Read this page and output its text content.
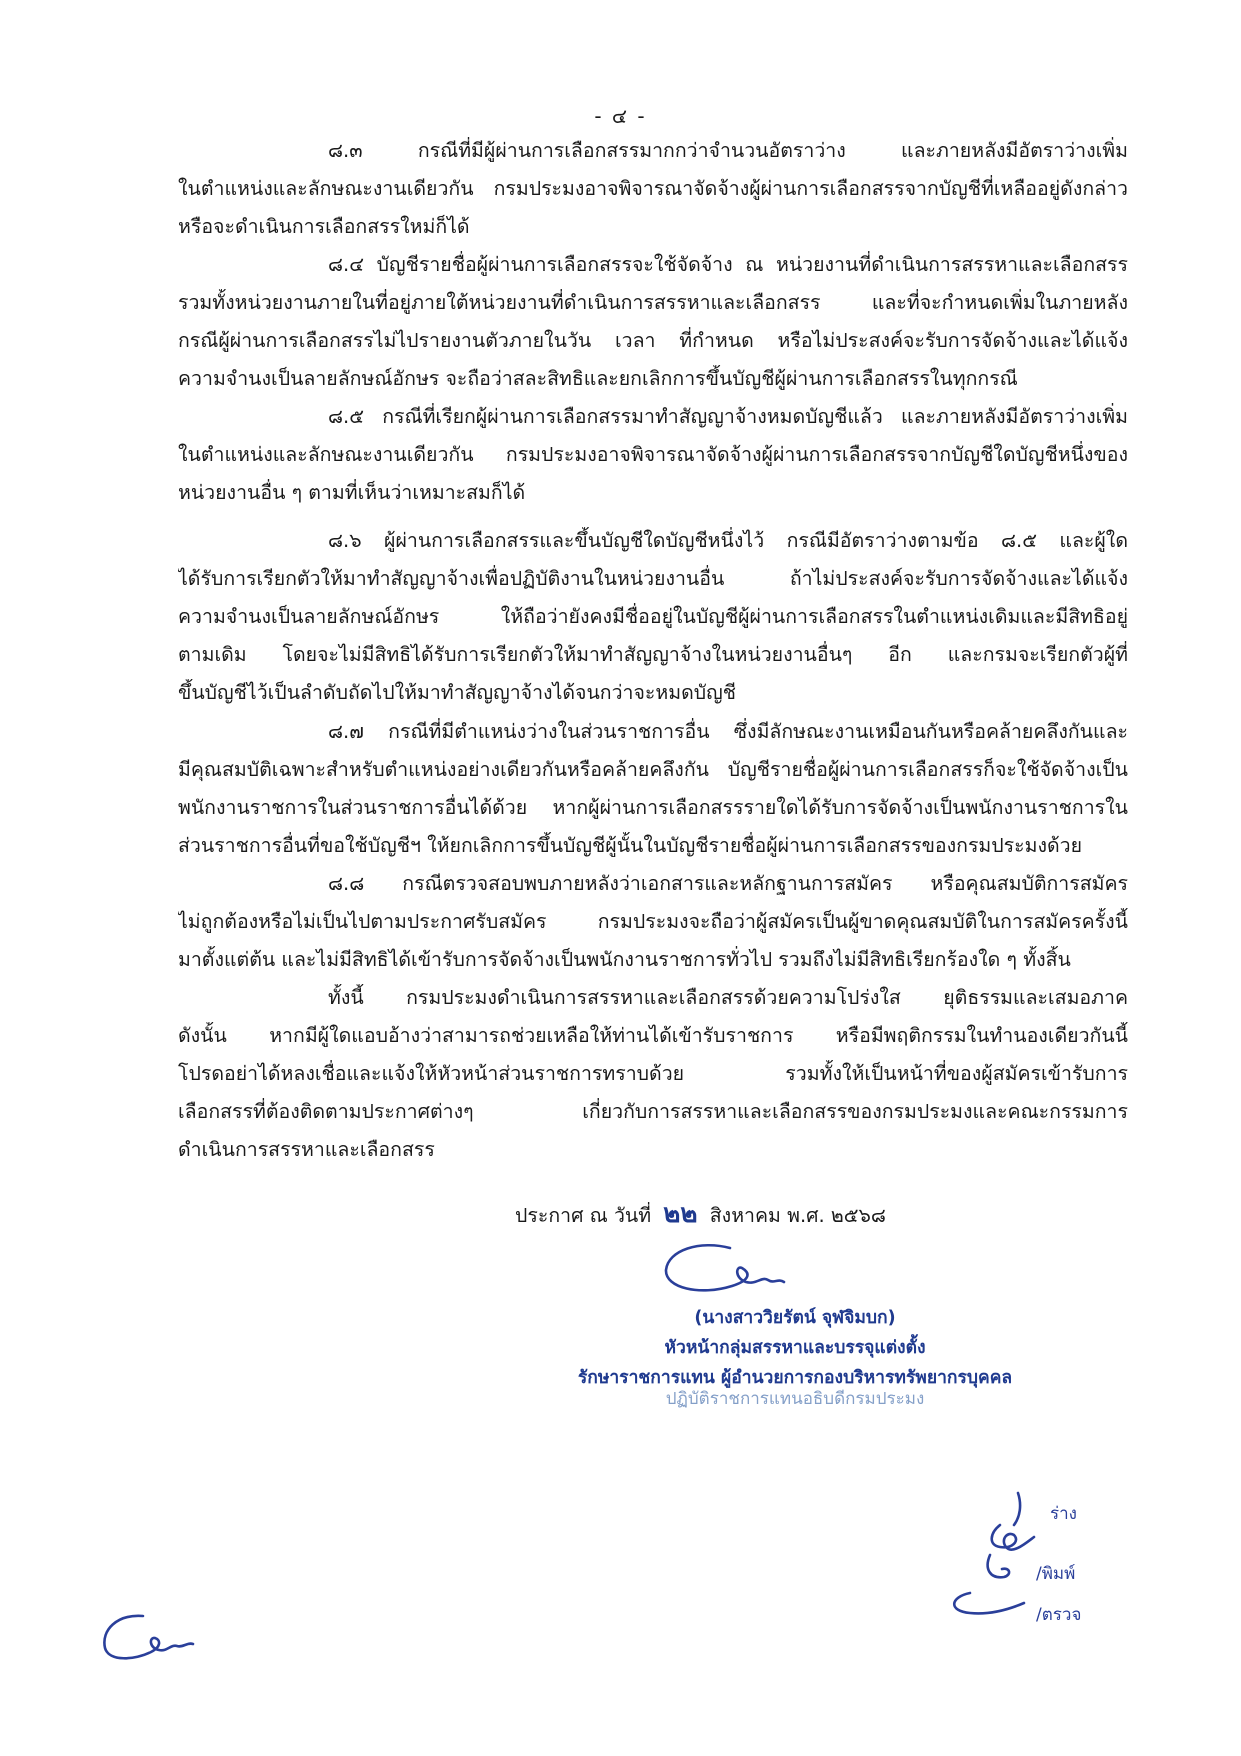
- ๔ -
๘.๓ กรณีที่มีผู้ผ่านการเลือกสรรมากกว่าจำนวนอัตราว่าง และภายหลังมีอัตราว่างเพิ่ม
ในตำแหน่งและลักษณะงานเดียวกัน กรมประมงอาจพิจารณาจัดจ้างผู้ผ่านการเลือกสรรจากบัญชีที่เหลืออยู่ดังกล่าว
หรือจะดำเนินการเลือกสรรใหม่ก็ได้
๘.๔ บัญชีรายชื่อผู้ผ่านการเลือกสรรจะใช้จัดจ้าง ณ หน่วยงานที่ดำเนินการสรรหาและเลือกสรร
รวมทั้งหน่วยงานภายในที่อยู่ภายใต้หน่วยงานที่ดำเนินการสรรหาและเลือกสรร และที่จะกำหนดเพิ่มในภายหลัง
กรณีผู้ผ่านการเลือกสรรไม่ไปรายงานตัวภายในวัน เวลา ที่กำหนด หรือไม่ประสงค์จะรับการจัดจ้างและได้แจ้ง
ความจำนงเป็นลายลักษณ์อักษร จะถือว่าสละสิทธิและยกเลิกการขึ้นบัญชีผู้ผ่านการเลือกสรรในทุกกรณี
๘.๕ กรณีที่เรียกผู้ผ่านการเลือกสรรมาทำสัญญาจ้างหมดบัญชีแล้ว และภายหลังมีอัตราว่างเพิ่ม
ในตำแหน่งและลักษณะงานเดียวกัน กรมประมงอาจพิจารณาจัดจ้างผู้ผ่านการเลือกสรรจากบัญชีใดบัญชีหนึ่งของ
หน่วยงานอื่น ๆ ตามที่เห็นว่าเหมาะสมก็ได้
๘.๖ ผู้ผ่านการเลือกสรรและขึ้นบัญชีใดบัญชีหนึ่งไว้ กรณีมีอัตราว่างตามข้อ ๘.๕ และผู้ใด
ได้รับการเรียกตัวให้มาทำสัญญาจ้างเพื่อปฏิบัติงานในหน่วยงานอื่น ถ้าไม่ประสงค์จะรับการจัดจ้างและได้แจ้ง
ความจำนงเป็นลายลักษณ์อักษร ให้ถือว่ายังคงมีชื่ออยู่ในบัญชีผู้ผ่านการเลือกสรรในตำแหน่งเดิมและมีสิทธิอยู่
ตามเดิม โดยจะไม่มีสิทธิได้รับการเรียกตัวให้มาทำสัญญาจ้างในหน่วยงานอื่นๆ อีก และกรมจะเรียกตัวผู้ที่
ขึ้นบัญชีไว้เป็นลำดับถัดไปให้มาทำสัญญาจ้างได้จนกว่าจะหมดบัญชี
๘.๗ กรณีที่มีตำแหน่งว่างในส่วนราชการอื่น ซึ่งมีลักษณะงานเหมือนกันหรือคล้ายคลึงกันและ
มีคุณสมบัติเฉพาะสำหรับตำแหน่งอย่างเดียวกันหรือคล้ายคลึงกัน บัญชีรายชื่อผู้ผ่านการเลือกสรรก็จะใช้จัดจ้างเป็น
พนักงานราชการในส่วนราชการอื่นได้ด้วย หากผู้ผ่านการเลือกสรรรายใดได้รับการจัดจ้างเป็นพนักงานราชการใน
ส่วนราชการอื่นที่ขอใช้บัญชีฯ ให้ยกเลิกการขึ้นบัญชีผู้นั้นในบัญชีรายชื่อผู้ผ่านการเลือกสรรของกรมประมงด้วย
๘.๘ กรณีตรวจสอบพบภายหลังว่าเอกสารและหลักฐานการสมัคร หรือคุณสมบัติการสมัคร
ไม่ถูกต้องหรือไม่เป็นไปตามประกาศรับสมัคร กรมประมงจะถือว่าผู้สมัครเป็นผู้ขาดคุณสมบัติในการสมัครครั้งนี้
มาตั้งแต่ต้น และไม่มีสิทธิได้เข้ารับการจัดจ้างเป็นพนักงานราชการทั่วไป รวมถึงไม่มีสิทธิเรียกร้องใด ๆ ทั้งสิ้น
ทั้งนี้ กรมประมงดำเนินการสรรหาและเลือกสรรด้วยความโปร่งใส ยุติธรรมและเสมอภาค
ดังนั้น หากมีผู้ใดแอบอ้างว่าสามารถช่วยเหลือให้ท่านได้เข้ารับราชการ หรือมีพฤติกรรมในทำนองเดียวกันนี้
โปรดอย่าได้หลงเชื่อและแจ้งให้หัวหน้าส่วนราชการทราบด้วย รวมทั้งให้เป็นหน้าที่ของผู้สมัครเข้ารับการ
เลือกสรรที่ต้องติดตามประกาศต่างๆ เกี่ยวกับการสรรหาและเลือกสรรของกรมประมงและคณะกรรมการ
ดำเนินการสรรหาและเลือกสรร
ประกาศ ณ วันที่ ๒๒ สิงหาคม พ.ศ. ๒๕๖๘
(นางสาววิยรัตน์ จุฬจิมบก)
หัวหน้ากลุ่มสรรหาและบรรจุแต่งตั้ง
รักษาราชการแทน ผู้อำนวยการกองบริหารทรัพยากรบุคคล
ปฏิบัติราชการแทนอธิบดีกรมประมง
ร่าง
/พิมพ์
/ตรวจ
